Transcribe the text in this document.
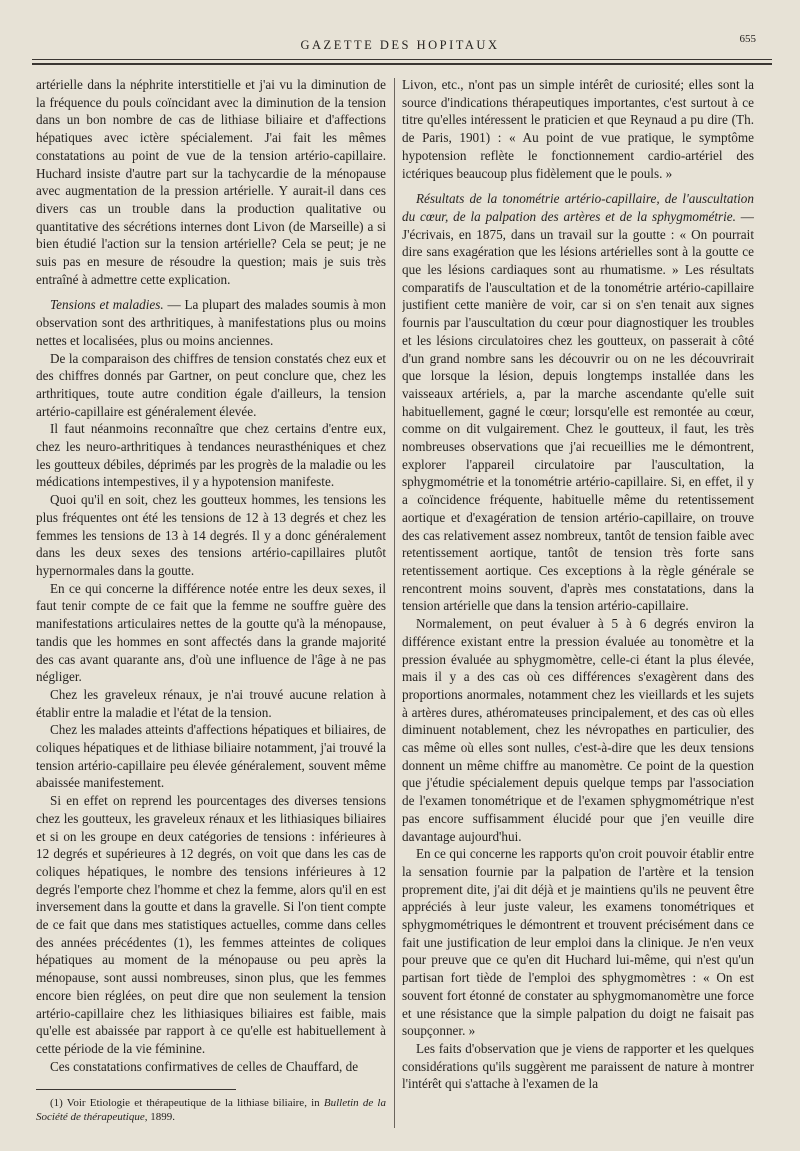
GAZETTE DES HOPITAUX	655

artérielle dans la néphrite interstitielle et j'ai vu la diminution de la fréquence du pouls coïncidant avec la diminution de la tension dans un bon nombre de cas de lithiase biliaire et d'affections hépatiques avec ictère spécialement. J'ai fait les mêmes constatations au point de vue de la tension artério-capillaire. Huchard insiste d'autre part sur la tachycardie de la ménopause avec augmentation de la pression artérielle. Y aurait-il dans ces divers cas un trouble dans la production qualitative ou quantitative des sécrétions internes dont Livon (de Marseille) a si bien étudié l'action sur la tension artérielle? Cela se peut; je ne suis pas en mesure de résoudre la question; mais je suis très entraîné à admettre cette explication.

Tensions et maladies. — La plupart des malades soumis à mon observation sont des arthritiques, à manifestations plus ou moins nettes et localisées, plus ou moins anciennes.

De la comparaison des chiffres de tension constatés chez eux et des chiffres donnés par Gartner, on peut conclure que, chez les arthritiques, toute autre condition égale d'ailleurs, la tension artério-capillaire est généralement élevée.

Il faut néanmoins reconnaître que chez certains d'entre eux, chez les neuro-arthritiques à tendances neurasthéniques et chez les goutteux débiles, déprimés par les progrès de la maladie ou les médications intempestives, il y a hypotension manifeste.

Quoi qu'il en soit, chez les goutteux hommes, les tensions les plus fréquentes ont été les tensions de 12 à 13 degrés et chez les femmes les tensions de 13 à 14 degrés. Il y a donc généralement dans les deux sexes des tensions artério-capillaires plutôt hypernormales dans la goutte.

En ce qui concerne la différence notée entre les deux sexes, il faut tenir compte de ce fait que la femme ne souffre guère des manifestations articulaires nettes de la goutte qu'à la ménopause, tandis que les hommes en sont affectés dans la grande majorité des cas avant quarante ans, d'où une influence de l'âge à ne pas négliger.

Chez les graveleux rénaux, je n'ai trouvé aucune relation à établir entre la maladie et l'état de la tension.

Chez les malades atteints d'affections hépatiques et biliaires, de coliques hépatiques et de lithiase biliaire notamment, j'ai trouvé la tension artério-capillaire peu élevée généralement, souvent même abaissée manifestement.

Si en effet on reprend les pourcentages des diverses tensions chez les goutteux, les graveleux rénaux et les lithiasiques biliaires et si on les groupe en deux catégories de tensions : inférieures à 12 degrés et supérieures à 12 degrés, on voit que dans les cas de coliques hépatiques, le nombre des tensions inférieures à 12 degrés l'emporte chez l'homme et chez la femme, alors qu'il en est inversement dans la goutte et dans la gravelle. Si l'on tient compte de ce fait que dans mes statistiques actuelles, comme dans celles des années précédentes (1), les femmes atteintes de coliques hépatiques au moment de la ménopause ou peu après la ménopause, sont aussi nombreuses, sinon plus, que les femmes encore bien réglées, on peut dire que non seulement la tension artério-capillaire chez les lithiasiques biliaires est faible, mais qu'elle est abaissée par rapport à ce qu'elle est habituellement à cette période de la vie féminine.

Ces constatations confirmatives de celles de Chauffard, de

(1) Voir Etiologie et thérapeutique de la lithiase biliaire, in Bulletin de la Société de thérapeutique, 1899.

Livon, etc., n'ont pas un simple intérêt de curiosité; elles sont la source d'indications thérapeutiques importantes, c'est surtout à ce titre qu'elles intéressent le praticien et que Reynaud a pu dire (Th. de Paris, 1901) : « Au point de vue pratique, le symptôme hypotension reflète le fonctionnement cardio-artériel des ictériques beaucoup plus fidèlement que le pouls. »

Résultats de la tonométrie artério-capillaire, de l'auscultation du cœur, de la palpation des artères et de la sphygmométrie. — J'écrivais, en 1875, dans un travail sur la goutte : « On pourrait dire sans exagération que les lésions artérielles sont à la goutte ce que les lésions cardiaques sont au rhumatisme. » Les résultats comparatifs de l'auscultation et de la tonométrie artério-capillaire justifient cette manière de voir, car si on s'en tenait aux signes fournis par l'auscultation du cœur pour diagnostiquer les troubles et les lésions circulatoires chez les goutteux, on passerait à côté d'un grand nombre sans les découvrir ou on ne les découvrirait que lorsque la lésion, depuis longtemps installée dans les vaisseaux artériels, a, par la marche ascendante qu'elle suit habituellement, gagné le cœur; lorsqu'elle est remontée au cœur, comme on dit vulgairement. Chez le goutteux, il faut, les très nombreuses observations que j'ai recueillies me le démontrent, explorer l'appareil circulatoire par l'auscultation, la sphygmométrie et la tonométrie artério-capillaire. Si, en effet, il y a coïncidence fréquente, habituelle même du retentissement aortique et d'exagération de tension artério-capillaire, on trouve des cas relativement assez nombreux, tantôt de tension faible avec retentissement aortique, tantôt de tension très forte sans retentissement aortique. Ces exceptions à la règle générale se rencontrent moins souvent, d'après mes constatations, dans la tension artérielle que dans la tension artério-capillaire.

Normalement, on peut évaluer à 5 à 6 degrés environ la différence existant entre la pression évaluée au tonomètre et la pression évaluée au sphygmomètre, celle-ci étant la plus élevée, mais il y a des cas où ces différences s'exagèrent dans des proportions anormales, notamment chez les vieillards et les sujets à artères dures, athéromateuses principalement, et des cas où elles diminuent notablement, chez les névropathes en particulier, des cas même où elles sont nulles, c'est-à-dire que les deux tensions donnent un même chiffre au manomètre. Ce point de la question que j'étudie spécialement depuis quelque temps par l'association de l'examen tonométrique et de l'examen sphygmométrique n'est pas encore suffisamment élucidé pour que j'en veuille dire davantage aujourd'hui.

En ce qui concerne les rapports qu'on croit pouvoir établir entre la sensation fournie par la palpation de l'artère et la tension proprement dite, j'ai dit déjà et je maintiens qu'ils ne peuvent être appréciés à leur juste valeur, les examens tonométriques et sphygmométriques le démontrent et trouvent précisément dans ce fait une justification de leur emploi dans la clinique. Je n'en veux pour preuve que ce qu'en dit Huchard lui-même, qui n'est qu'un partisan fort tiède de l'emploi des sphygmomètres : « On est souvent fort étonné de constater au sphygmomanomètre une force et une résistance que la simple palpation du doigt ne faisait pas soupçonner. »

Les faits d'observation que je viens de rapporter et les quelques considérations qu'ils suggèrent me paraissent de nature à montrer l'intérêt qui s'attache à l'examen de la
